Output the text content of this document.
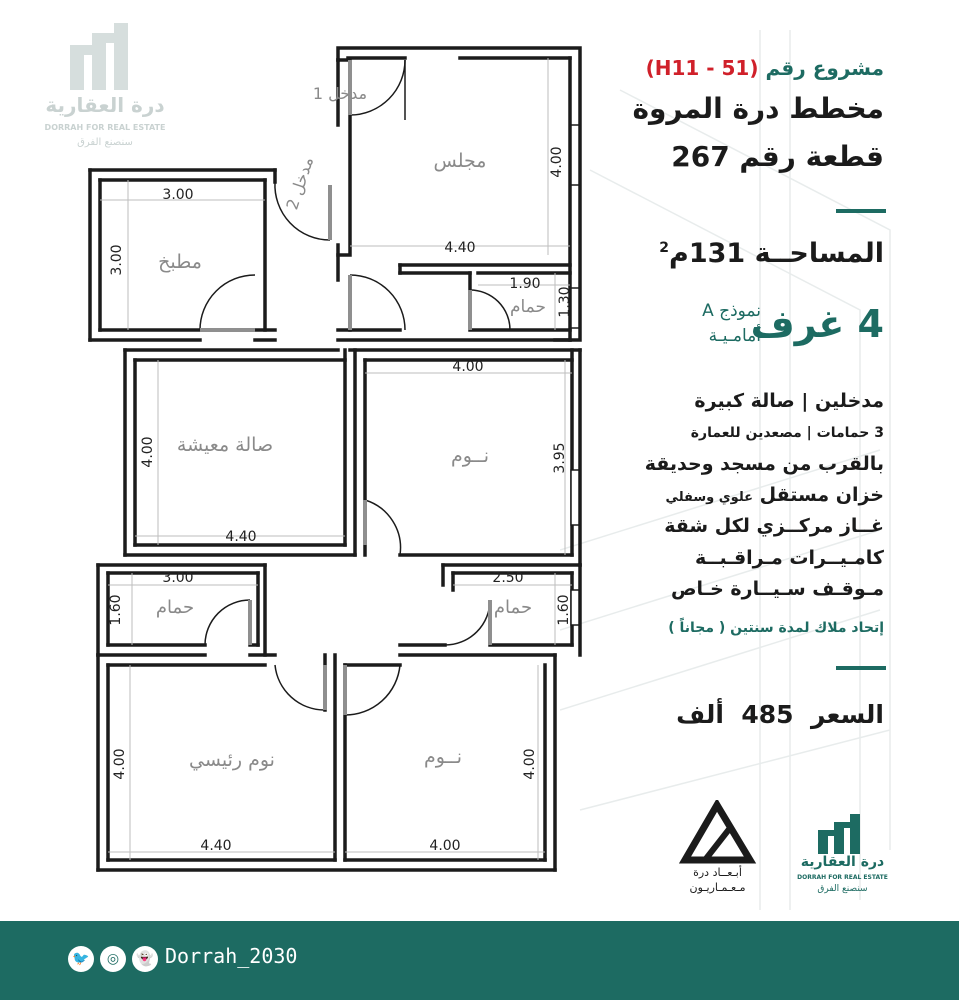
درة العقارية
DORRAH FOR REAL ESTATE
سنصنع الفرق
مجلس
مدخل 1
مدخل 2
مطبخ
حمام
صالة معيشة	نــوم
حمام	حمام
نوم رئيسي	نــوم
4.40
4.00
3.00
3.00
1.90
1.30
4.00
3.95
4.40
4.00
3.00
1.60
2.50
1.60
4.40
4.00
4.00
4.00
مشروع رقم (H11 - 51)
مخطط درة المروة
قطعة رقم 267
المساحــة 131م$^2$
4 غرف
نموذج A
أمامـيـة
مدخلين | صالة كبيرة
3 حمامات | مصعدين للعمارة
بالقرب من مسجد وحديقة
خزان مستقل علوي وسفلي
غــاز مركــزي لكل شقة
كامـيــرات مـراقـبــة
مـوقـف سـيــارة خـاص
إتحاد ملاك لمدة سنتين ( مجاناً )
السعر  485  ألف
أبـعــاد درة
مـعـمـاريـون
درة العقارية
DORRAH FOR REAL ESTATE
سنصنع الفرق
🐦	◎	👻 Dorrah_2030
